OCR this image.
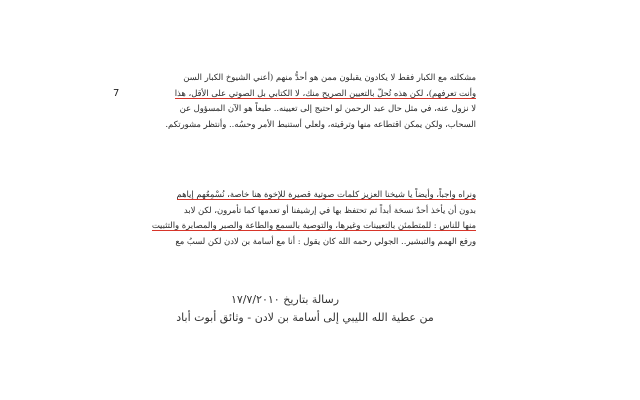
7
مشكلته مع الكبار فقط لا يكادون يقبلون ممن هو أحدُّ منهم (أعني الشيوخ الكبار السن
وأنت تعرفهم)، لكن هذه تُحلّ بالتعيين الصريح منك، لا الكتابي بل الصوتي على الأقل، هذا
لا نزول عنه، في مثل حال عبد الرحمن لو احتيج إلى تعيينه.. طبعاً هو الآن المسؤول عن
السحاب، ولكن يمكن اقتطاعه منها وترقيته، ولعلي أستنبط الأمر وحسُه.. وأنتظر مشورتكم.
ونراه واجباً، وأيضاً يا شيخنا العزيز كلمات صوتية قصيرة للإخوة هنا خاصة، نُسْمِعُهم إياهم
بدون أن يأخذ أحدٌ نسخة أبداً ثم تحتفظ بها في إرشيفنا أو تعدمها كما تأمرون، لكن لابد
منها للناس : للمتطمئن بالتعيينات وغيرها، والتوصية بالسمع والطاعة والصبر والمصابرة والتثبيت
ورفع الهمم والتبشير.. الجولي رحمه الله كان يقول : أنا مع أسامة بن لادن لكن لسبُ مع
رسالة بتاريخ ١٧/٧/٢٠١٠
من عطية الله الليبي إلى أسامة بن لادن - وثائق أبوت أباد
